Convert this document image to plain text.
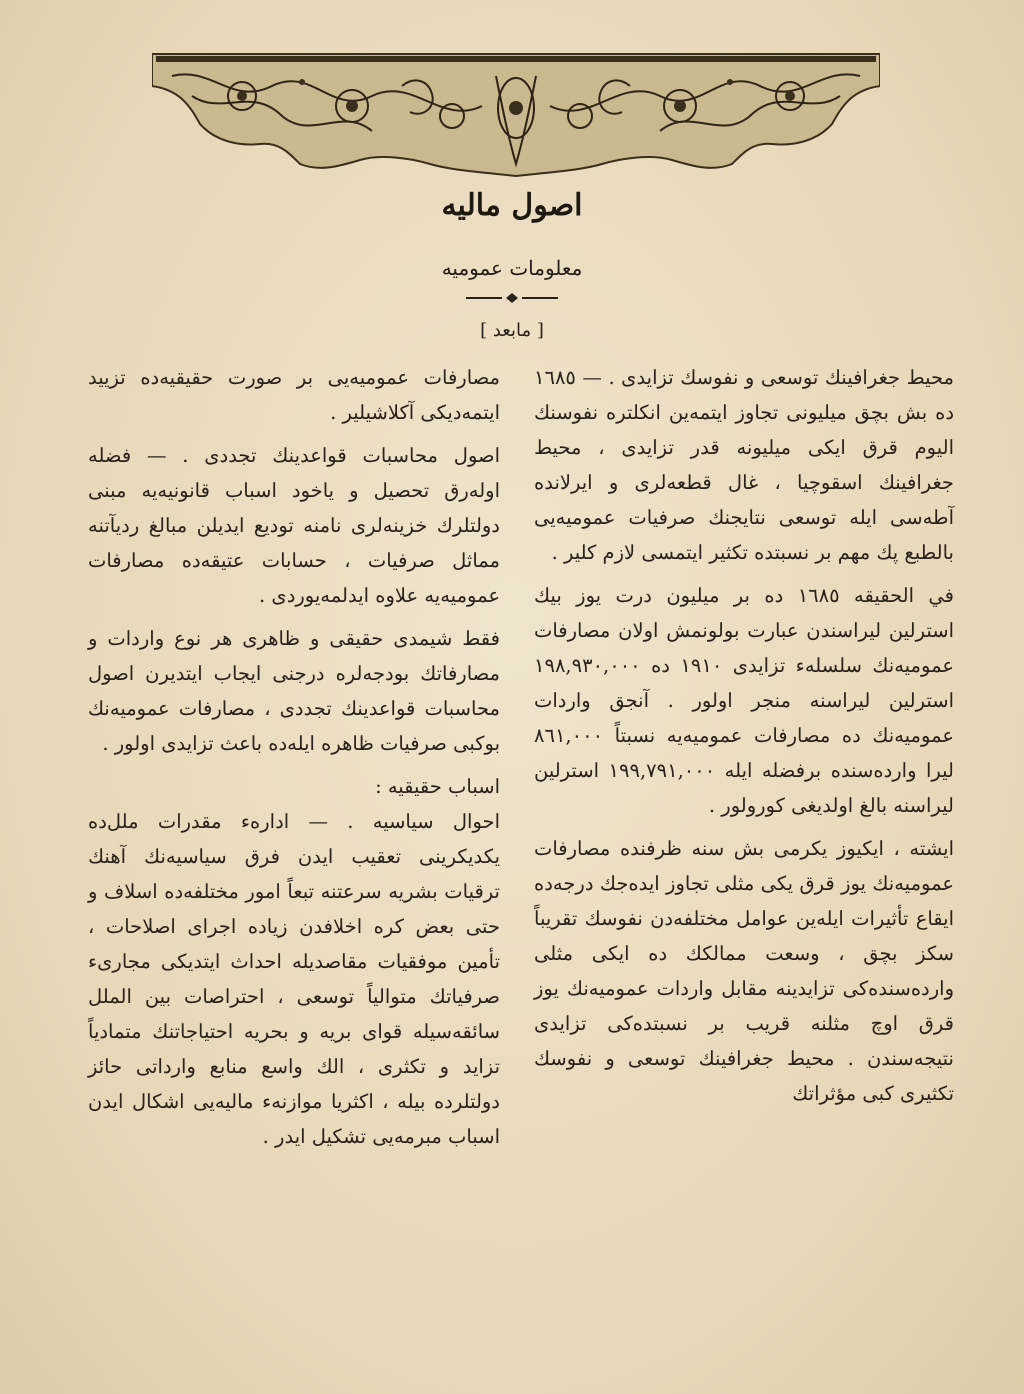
اصول ماليه
معلومات عموميه
[ مابعد ]

محيط جغرافينك توسعى و نفوسك تزايدى . — ١٦٨٥ ده بش بچق ميليونى تجاوز ايتمه‌ين انكلتره نفوسنك اليوم قرق ايكى ميليونه قدر تزايدى ، محيط جغرافينك اسقوچيا ، غال قطعه‌لرى و ايرلانده آطه‌سى ايله توسعى نتايجنك صرفيات عموميه‌يى بالطبع پك مهم بر نسبتده تكثير ايتمسى لازم كلير .

في الحقيقه ١٦٨٥ ده بر ميليون درت يوز بيك استرلين ليراسندن عبارت بولونمش اولان مصارفات عموميه‌نك سلسله‌ء تزايدى ١٩١٠ ده ١٩٨,٩٣٠,٠٠٠ استرلين ليراسنه منجر اولور . آنجق واردات عموميه‌نك ده مصارفات عموميه‌يه نسبتاً ٨٦١,٠٠٠ ليرا وارده‌سنده برفضله ايله ١٩٩,٧٩١,٠٠٠ استرلين ليراسنه بالغ اولديغى كورولور .

ايشته ، ايكيوز يكرمى بش سنه ظرفنده مصارفات عموميه‌نك يوز قرق يكى مثلى تجاوز ايده‌جك درجه‌ده ايقاع تأثيرات ايله‌ين عوامل مختلفه‌دن نفوسك تقريباً سكز بچق ، وسعت ممالكك ده ايكى مثلى وارده‌سنده‌كى تزايدينه مقابل واردات عموميه‌نك يوز قرق اوچ مثلنه قريب بر نسبتده‌كى تزايدى نتيجه‌سندن . محيط جغرافينك توسعى و نفوسك تكثيرى كبى مؤثراتك

مصارفات عموميه‌يى بر صورت حقيقيه‌ده تزييد ايتمه‌ديكى آكلاشيلير .

اصول محاسبات قواعدينك تجددى . — فضله اوله‌رق تحصيل و ياخود اسباب قانونيه‌يه مبنى دولتلرك خزينه‌لرى نامنه توديع ايديلن مبالغ رديآتنه مماثل صرفيات ، حسابات عتيقه‌ده مصارفات عموميه‌يه علاوه ايدلمه‌يوردى .

فقط شيمدى حقيقى و ظاهرى هر نوع واردات و مصارفاتك بودجه‌لره درجنى ايجاب ايتديرن اصول محاسبات قواعدينك تجددى ، مصارفات عموميه‌نك بوكبى صرفيات ظاهره ايله‌ده باعث تزايدى اولور .

اسباب حقيقيه :

احوال سياسيه . — اداره‌ء مقدرات ملل‌ده يكديكرينى تعقيب ايدن فرق سياسيه‌نك آهنك ترقيات بشريه سرعتنه تبعاً امور مختلفه‌ده اسلاف و حتى بعض كره اخلافدن زياده اجراى اصلاحات ، تأمين موفقيات مقاصديله احداث ايتديكى مجارىء صرفياتك متوالياً توسعى ، احتراصات بين الملل سائقه‌سيله قواى بريه و بحريه احتياجاتنك متمادياً تزايد و تكثرى ، الك واسع منابع وارداتى حائز دولتلرده بيله ، اكثريا موازنه‌ء ماليه‌يى اشكال ايدن اسباب مبرمه‌يى تشكيل ايدر .
